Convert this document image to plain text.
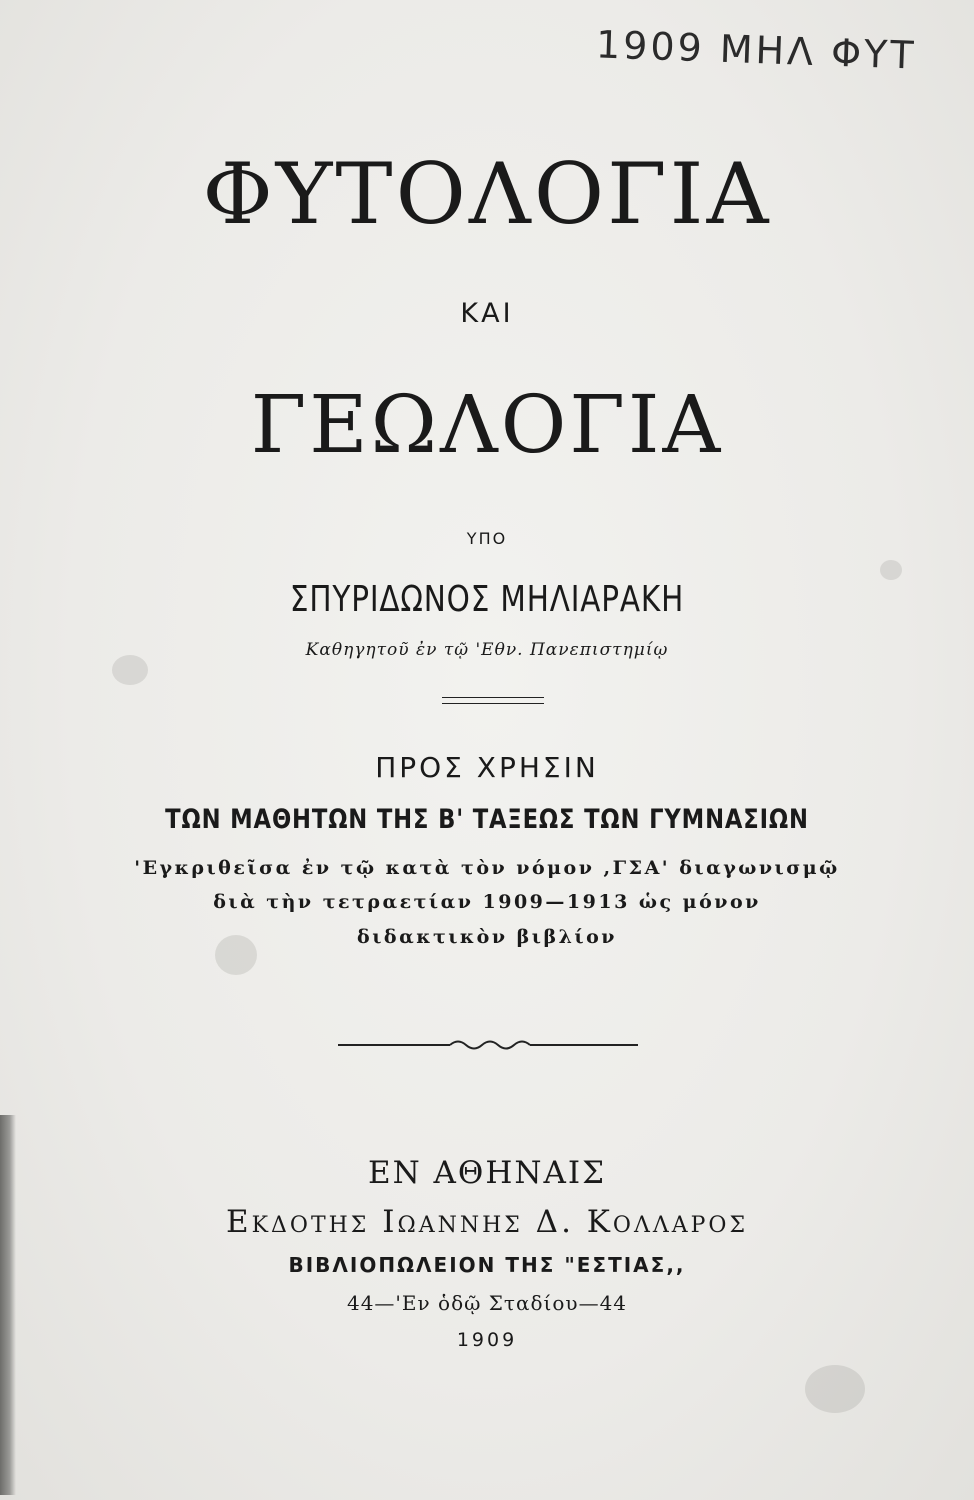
1909 ΜΗΛ ΦΥΤ
ΦΥΤΟΛΟΓΙΑ
ΚΑΙ
ΓΕΩΛΟΓΙΑ
ΥΠΟ
ΣΠΥΡΙΔΩΝΟΣ ΜΗΛΙΑΡΑΚΗ
Καθηγητοῦ ἐν τῷ 'Εθν. Πανεπιστημίῳ
ΠΡΟΣ ΧΡΗΣΙΝ
ΤΩΝ ΜΑΘΗΤΩΝ ΤΗΣ Β' ΤΑΞΕΩΣ ΤΩΝ ΓΥΜΝΑΣΙΩΝ
'Εγκριθεῖσα ἐν τῷ κατὰ τὸν νόμον ,ΓΣΑ' διαγωνισμῷ
διὰ τὴν τετραετίαν 1909—1913 ὡς μόνον
διδακτικὸν βιβλίον
ΕΝ ΑΘΗΝΑΙΣ
Εκδοτης Ιωαννης Δ. Κολλαρος
ΒΙΒΛΙΟΠΩΛΕΙΟΝ ΤΗΣ "ΕΣΤΙΑΣ,,
44—'Εν ὁδῷ Σταδίου—44
1909
